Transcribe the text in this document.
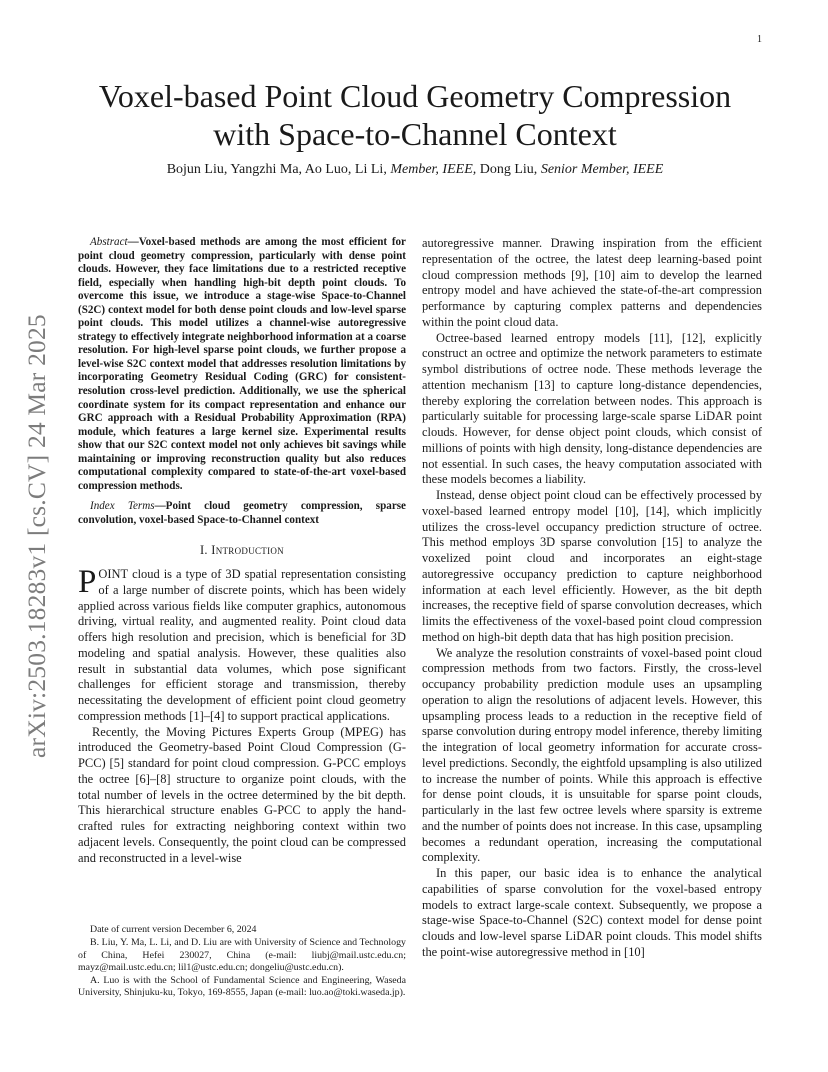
1
arXiv:2503.18283v1 [cs.CV] 24 Mar 2025
Voxel-based Point Cloud Geometry Compression
with Space-to-Channel Context
Bojun Liu, Yangzhi Ma, Ao Luo, Li Li, Member, IEEE, Dong Liu, Senior Member, IEEE

Abstract—Voxel-based methods are among the most efficient for point cloud geometry compression, particularly with dense point clouds. However, they face limitations due to a restricted receptive field, especially when handling high-bit depth point clouds. To overcome this issue, we introduce a stage-wise Space-to-Channel (S2C) context model for both dense point clouds and low-level sparse point clouds. This model utilizes a channel-wise autoregressive strategy to effectively integrate neighborhood information at a coarse resolution. For high-level sparse point clouds, we further propose a level-wise S2C context model that addresses resolution limitations by incorporating Geometry Residual Coding (GRC) for consistent-resolution cross-level prediction. Additionally, we use the spherical coordinate system for its compact representation and enhance our GRC approach with a Residual Probability Approximation (RPA) module, which features a large kernel size. Experimental results show that our S2C context model not only achieves bit savings while maintaining or improving reconstruction quality but also reduces computational complexity compared to state-of-the-art voxel-based compression methods.

Index Terms—Point cloud geometry compression, sparse convolution, voxel-based Space-to-Channel context

I. Introduction

POINT cloud is a type of 3D spatial representation consisting of a large number of discrete points, which has been widely applied across various fields like computer graphics, autonomous driving, virtual reality, and augmented reality. Point cloud data offers high resolution and precision, which is beneficial for 3D modeling and spatial analysis. However, these qualities also result in substantial data volumes, which pose significant challenges for efficient storage and transmission, thereby necessitating the development of efficient point cloud geometry compression methods [1]–[4] to support practical applications.

Recently, the Moving Pictures Experts Group (MPEG) has introduced the Geometry-based Point Cloud Compression (G-PCC) [5] standard for point cloud compression. G-PCC employs the octree [6]–[8] structure to organize point clouds, with the total number of levels in the octree determined by the bit depth. This hierarchical structure enables G-PCC to apply the hand-crafted rules for extracting neighboring context within two adjacent levels. Consequently, the point cloud can be compressed and reconstructed in a level-wise

Date of current version December 6, 2024

B. Liu, Y. Ma, L. Li, and D. Liu are with University of Science and Technology of China, Hefei 230027, China (e-mail: liubj@mail.ustc.edu.cn; mayz@mail.ustc.edu.cn; lil1@ustc.edu.cn; dongeliu@ustc.edu.cn).

A. Luo is with the School of Fundamental Science and Engineering, Waseda University, Shinjuku-ku, Tokyo, 169-8555, Japan (e-mail: luo.ao@toki.waseda.jp).

autoregressive manner. Drawing inspiration from the efficient representation of the octree, the latest deep learning-based point cloud compression methods [9], [10] aim to develop the learned entropy model and have achieved the state-of-the-art compression performance by capturing complex patterns and dependencies within the point cloud data.

Octree-based learned entropy models [11], [12], explicitly construct an octree and optimize the network parameters to estimate symbol distributions of octree node. These methods leverage the attention mechanism [13] to capture long-distance dependencies, thereby exploring the correlation between nodes. This approach is particularly suitable for processing large-scale sparse LiDAR point clouds. However, for dense object point clouds, which consist of millions of points with high density, long-distance dependencies are not essential. In such cases, the heavy computation associated with these models becomes a liability.

Instead, dense object point cloud can be effectively processed by voxel-based learned entropy model [10], [14], which implicitly utilizes the cross-level occupancy prediction structure of octree. This method employs 3D sparse convolution [15] to analyze the voxelized point cloud and incorporates an eight-stage autoregressive occupancy prediction to capture neighborhood information at each level efficiently. However, as the bit depth increases, the receptive field of sparse convolution decreases, which limits the effectiveness of the voxel-based point cloud compression method on high-bit depth data that has high position precision.

We analyze the resolution constraints of voxel-based point cloud compression methods from two factors. Firstly, the cross-level occupancy probability prediction module uses an upsampling operation to align the resolutions of adjacent levels. However, this upsampling process leads to a reduction in the receptive field of sparse convolution during entropy model inference, thereby limiting the integration of local geometry information for accurate cross-level predictions. Secondly, the eightfold upsampling is also utilized to increase the number of points. While this approach is effective for dense point clouds, it is unsuitable for sparse point clouds, particularly in the last few octree levels where sparsity is extreme and the number of points does not increase. In this case, upsampling becomes a redundant operation, increasing the computational complexity.

In this paper, our basic idea is to enhance the analytical capabilities of sparse convolution for the voxel-based entropy models to extract large-scale context. Subsequently, we propose a stage-wise Space-to-Channel (S2C) context model for dense point clouds and low-level sparse LiDAR point clouds. This model shifts the point-wise autoregressive method in [10]
